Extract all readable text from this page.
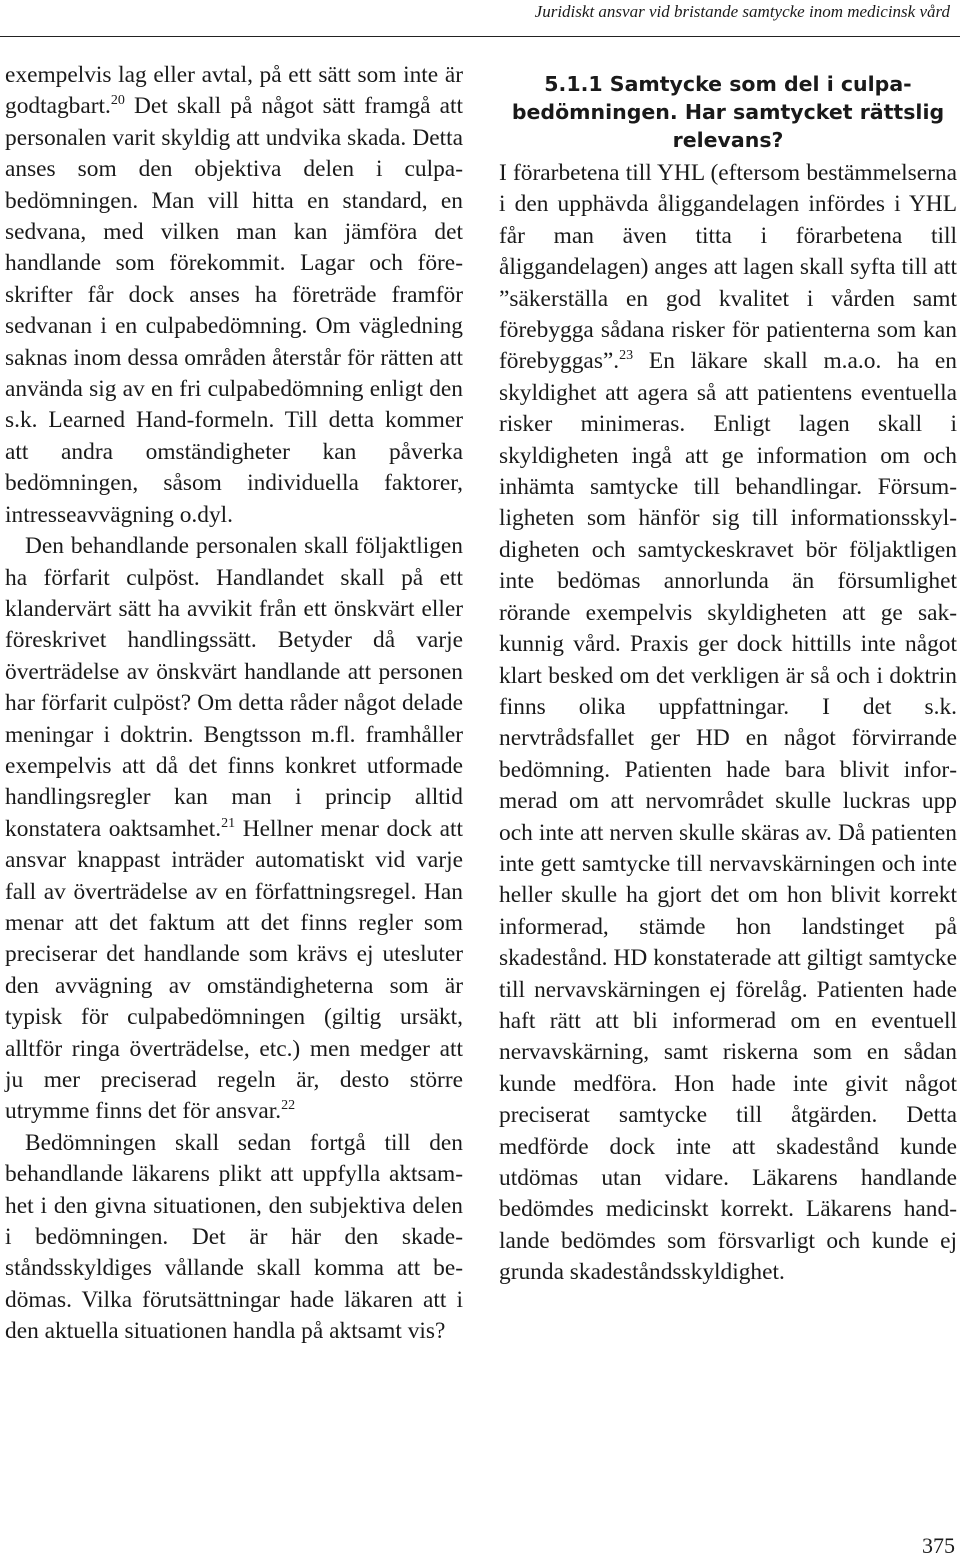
Juridiskt ansvar vid bristande samtycke inom medicinsk vård

exempelvis lag eller avtal, på ett sätt som inte är godtagbart.$^{20}$ Det skall på något sätt framgå att personalen varit skyldig att undvika skada. Detta anses som den objektiva delen i culpabedömningen. Man vill hitta en standard, en sedvana, med vilken man kan jämföra det handlande som förekommit. Lagar och föreskrifter får dock anses ha företräde framför sedvanan i en culpabedömning. Om vägledning saknas inom dessa områden återstår för rätten att använda sig av en fri culpabedömning enligt den s.k. Learned Hand-formeln. Till detta kommer att andra omständigheter kan påverka bedömningen, såsom individuella faktorer, intresseavvägning o.dyl.

Den behandlande personalen skall följaktligen ha förfarit culpöst. Handlandet skall på ett klandervärt sätt ha avvikit från ett önskvärt eller föreskrivet handlingssätt. Betyder då varje överträdelse av önskvärt handlande att personen har förfarit culpöst? Om detta råder något delade meningar i doktrin. Bengtsson m.fl. framhåller exempelvis att då det finns konkret utformade handlingsregler kan man i princip alltid konstatera oaktsamhet.$^{21}$ Hellner menar dock att ansvar knappast inträder automatiskt vid varje fall av överträdelse av en författningsregel. Han menar att det faktum att det finns regler som preciserar det handlande som krävs ej utesluter den avvägning av omständigheterna som är typisk för culpabedömningen (giltig ursäkt, alltför ringa överträdelse, etc.) men medger att ju mer preciserad regeln är, desto större utrymme finns det för ansvar.$^{22}$

Bedömningen skall sedan fortgå till den behandlande läkarens plikt att uppfylla aktsamhet i den givna situationen, den subjektiva delen i bedömningen. Det är här den skadeståndsskyldiges vållande skall komma att bedömas. Vilka förutsättningar hade läkaren att i den aktuella situationen handla på aktsamt vis?

5.1.1 Samtycke som del i culpabedömningen. Har samtycket rättslig relevans?

I förarbetena till YHL (eftersom bestämmelserna i den upphävda åliggandelagen infördes i YHL får man även titta i förarbetena till åliggandelagen) anges att lagen skall syfta till att ”säkerställa en god kvalitet i vården samt förebygga sådana risker för patienterna som kan förebyggas”.$^{23}$ En läkare skall m.a.o. ha en skyldighet att agera så att patientens eventuella risker minimeras. Enligt lagen skall i skyldigheten ingå att ge information om och inhämta samtycke till behandlingar. Försumligheten som hänför sig till informationsskyldigheten och samtyckeskravet bör följaktligen inte bedömas annorlunda än försumlighet rörande exempelvis skyldigheten att ge sakkunnig vård. Praxis ger dock hittills inte något klart besked om det verkligen är så och i doktrin finns olika uppfattningar. I det s.k. nervtrådsfallet ger HD en något förvirrande bedömning. Patienten hade bara blivit informerad om att nervområdet skulle luckras upp och inte att nerven skulle skäras av. Då patienten inte gett samtycke till nervavskärningen och inte heller skulle ha gjort det om hon blivit korrekt informerad, stämde hon landstinget på skadestånd. HD konstaterade att giltigt samtycke till nervavskärningen ej förelåg. Patienten hade haft rätt att bli informerad om en eventuell nervavskärning, samt riskerna som en sådan kunde medföra. Hon hade inte givit något preciserat samtycke till åtgärden. Detta medförde dock inte att skadestånd kunde utdömas utan vidare. Läkarens handlande bedömdes medicinskt korrekt. Läkarens handlande bedömdes som försvarligt och kunde ej grunda skadeståndsskyldighet.

375
